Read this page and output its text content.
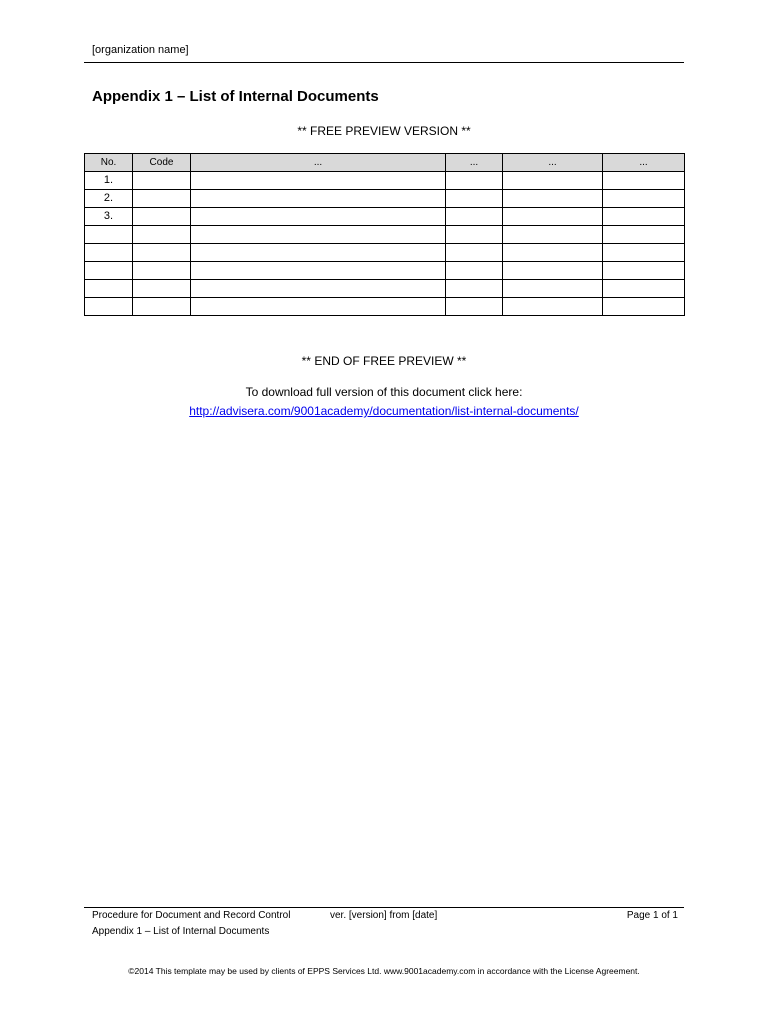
[organization name]
Appendix 1 – List of Internal Documents
** FREE PREVIEW VERSION **
No.	Code	...	...	...	...
1.					
2.					
3.					

** END OF FREE PREVIEW **
To download full version of this document click here:
http://advisera.com/9001academy/documentation/list-internal-documents/
Procedure for Document and Record Control	ver. [version] from [date]	Page 1 of 1
Appendix 1 – List of Internal Documents
©2014 This template may be used by clients of EPPS Services Ltd. www.9001academy.com in accordance with the License Agreement.
